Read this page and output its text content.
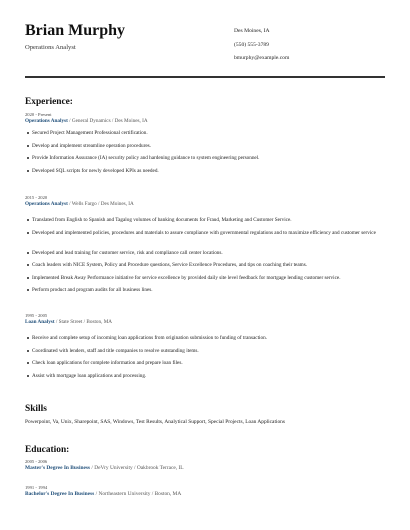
Brian Murphy
Operations Analyst
Des Moines, IA
(550) 555-3789
bmurphy@example.com
Experience:
2020 - Present
Operations Analyst / General Dynamics / Des Moines, IA
Secured Project Management Professional certification.
Develop and implement streamline operation procedures.
Provide Information Assurance (IA) security policy and hardening guidance to system engineering personnel.
Developed SQL scripts for newly developed KPIs as needed.
2015 - 2020
Operations Analyst / Wells Fargo / Des Moines, IA
Translated from English to Spanish and Tagalog volumes of banking documents for Fraud, Marketing and Customer Service.
Developed and implemented policies, procedures and materials to assure compliance with governmental regulations and to maximize efficiency and customer service
Developed and lead training for customer service, risk and compliance call center locations.
Coach leaders with NICE System, Policy and Procedure questions, Service Excellence Procedures, and tips on coaching their teams.
Implemented Break Away Performance initiative for service excellence by provided daily site level feedback for mortgage lending customer service.
Perform product and program audits for all business lines.
1995 - 2005
Loan Analyst / State Street / Boston, MA
Receive and complete setup of incoming loan applications from origination submission to funding of transaction.
Coordinated with lenders, staff and title companies to resolve outstanding items.
Check loan applications for complete information and prepare loan files.
Assist with mortgage loan applications and processing.
Skills
Powerpoint, Va, Unix, Sharepoint, SAS, Windows, Test Results, Analytical Support, Special Projects, Loan Applications
Education:
2005 - 2006
Master's Degree In Business / DeVry University / Oakbrook Terrace, IL
1991 - 1994
Bachelor's Degree In Business / Northeastern University / Boston, MA
